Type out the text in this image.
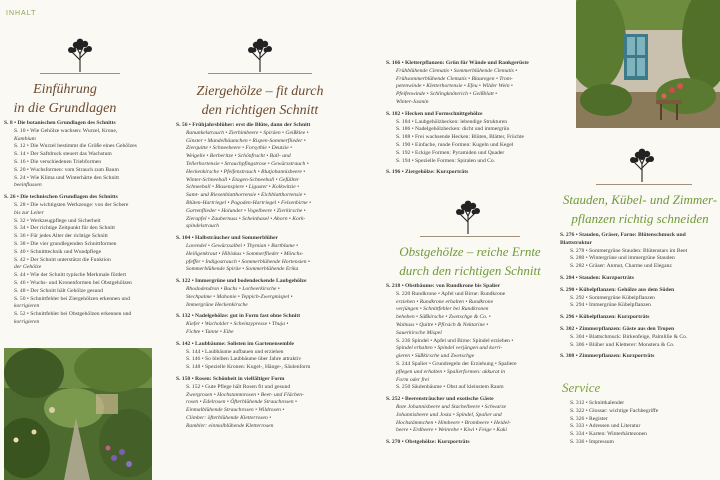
INHALT
Einführung
in die Grundlagen
S. 8 • Die botanischen Grundlagen des Schnitts
S. 10 • Wie Gehölze wachsen: Wurzel, Krone,
Kambium
S. 12 • Die Wurzel bestimmt die Größe eines Gehölzes
S. 14 • Der Saftdruck steuert das Wachstum
S. 16 • Die verschiedenen Triebformen
S. 20 • Wuchsformen: vom Strauch zum Baum
S. 24 • Wie Klima und Winterhärte den Schnitt
beeinflussen
S. 26 • Die technischen Grundlagen des Schnitts
S. 28 • Die wichtigsten Werkzeuge: von der Schere
bis zur Leiter
S. 32 • Werkzeugpflege und Sicherheit
S. 34 • Der richtige Zeitpunkt für den Schnitt
S. 36 • Für jedes Alter der richtige Schnitt
S. 38 • Die vier grundlegenden Schnittformen
S. 40 • Schnitttechnik und Wundpflege
S. 42 • Der Schnitt unterstützt die Funktion
der Gehölze
S. 44 • Wie der Schnitt typische Merkmale fördert
S. 46 • Wuchs- und Kronenformen bei Obstgehölzen
S. 48 • Der Schnitt hält Gehölze gesund
S. 50 • Schnittfehler bei Ziergehölzen erkennen und
korrigieren
S. 52 • Schnittfehler bei Obstgehölzen erkennen und
korrigieren
Ziergehölze – fit durch
den richtigen Schnitt
S. 56 • Frühjahrsblüher: erst die Blüte, dann der Schnitt
Ranunkelstrauch • Zierhimbeere • Spiräen • Geißklee •
Ginster • Mandelbäumchen • Rispen-Sommerflieder •
Zierquitte • Schneebeere • Forsythie • Deutzie •
Weigelie • Berberitze • Schönfrucht • Ball- und
Tellerhortensie • Strauchpfingstrose • Gewürzstrauch •
Heckenkirsche • Pfeifenstrauch • Blutjohannisbeere •
Winter-Schneeball • Etagen-Schneeball • Gefüllter
Schneeball • Blasenspiere • Liguster • Kolkwitzie •
Samt- und Riesenblatthortensie • Eichblatthortensie •
Blüten-Hartriegel • Pagoden-Hartriegel • Felsenbirne •
Gartenflieder • Holunder • Vogelbeere • Zierkirsche •
Zierapfel • Zaubernuss • Scheinhasel • Ahorn • Kork-
spindelstrauch
S. 104 • Halbsträucher und Sommerblüher
Lavendel • Gewürzsalbei • Thymian • Bartblume •
Heiligenkraut • Hibiskus • Sommerflieder • Mönchs-
pfeffer • Indigostrauch • Sommerblühende Hortensien •
Sommerblühende Spiräe • Sommerblühende Erika
S. 122 • Immergrüne und bodendeckende Laubgehölze
Rhododendron • Buchs • Lorbeerkirsche •
Stechpalme • Mahonie • Teppich-Zwergmispel •
Immergrüne Heckenkirsche
S. 132 • Nadelgehölze: gut in Form fast ohne Schnitt
Kiefer • Wacholder • Scheinzypresse • Thuja •
Fichte • Tanne • Eibe
S. 142 • Laubbäume: Solisten im Gartenensemble
S. 144 • Laubbäume aufbauen und erziehen
S. 146 • So bleiben Laubbäume über Jahre attraktiv
S. 148 • Spezielle Kronen: Kugel-, Hänge-, Säulenform
S. 150 • Rosen: Schönheit in vielfältiger Form
S. 152 • Gute Pflege hält Rosen fit und gesund
Zwergrosen • Hochstammrosen • Beet- und Flächen-
rosen • Edelrosen • Öfterblühende Strauchrosen •
Einmalblühende Strauchrosen • Wildrosen •
Climber: öfterblühende Kletterrosen •
Rambler: einmalblühende Kletterrosen
S. 166 • Kletterpflanzen: Grün für Wände und Rankgerüste
Frühblühende Clematis • Sommerblühende Clematis •
Frühsommerblühende Clematis • Blauregen • Trom-
petenwinde • Kletterhortensie • Efeu • Wilder Wein •
Pfeifenwinde • Schlingknöterich • Geißblatt •
Winter-Jasmin
S. 182 • Hecken und Formschnittgehölze
S. 184 • Laubgehölzhecken: lebendige Strukturen
S. 186 • Nadelgehölzhecken: dicht und immergrün
S. 188 • Frei wachsende Hecken: Blüten, Blätter, Früchte
S. 190 • Einfache, runde Formen: Kugeln und Kegel
S. 192 • Eckige Formen: Pyramiden und Quader
S. 194 • Spezielle Formen: Spiralen und Co.
S. 196 • Ziergehölze: Kurzporträts
Obstgehölze – reiche Ernte
durch den richtigen Schnitt
S. 218 • Obstbäume: von Rundkrone bis Spalier
S. 220 Rundkrone • Apfel und Birne: Rundkrone
erziehen • Rundkrone erhalten • Rundkrone
verjüngen • Schnittfehler bei Rundkronen
beheben • Süßkirsche • Zwetschge & Co. •
Walnuss • Quitte • Pfirsich & Nektarine •
Sauerkirsche Mispel
S. 236 Spindel • Apfel und Birne: Spindel erziehen •
Spindel erhalten • Spindel verjüngen und korri-
gieren • Süßkirsche und Zwetschge
S. 244 Spalier • Grundregeln der Erziehung • Spaliere
pflegen und erhalten • Spalierformen: akkurat in
Form oder frei
S. 250 Säulenbäume • Obst auf kleinstem Raum
S. 252 • Beerensträucher und exotische Gäste
Rote Johannisbeere und Stachelbeere • Schwarze
Johannisbeere und Josta • Spindel, Spalier und
Hochstämmchen • Himbeere • Brombeere • Heidel-
beere • Erdbeere • Weinrebe • Kiwi • Feige • Kaki
S. 270 • Obstgehölze: Kurzporträts
Stauden, Kübel- und Zimmer-
pflanzen richtig schneiden
S. 276 • Stauden, Gräser, Farne: Blütenschmuck und
Blattstruktur
S. 278 • Sommergrüne Stauden: Blütenstars im Beet
S. 280 • Wintergrüne und immergrüne Stauden
S. 282 • Gräser: Anmut, Charme und Eleganz
S. 284 • Stauden: Kurzporträts
S. 290 • Kübelpflanzen: Gehölze aus dem Süden
S. 292 • Sommergrüne Kübelpflanzen
S. 294 • Immergrüne Kübelpflanzen
S. 296 • Kübelpflanzen: Kurzporträts
S. 302 • Zimmerpflanzen: Gäste aus den Tropen
S. 304 • Blattschmuck: Birkenfeige, Palmlilie & Co.
S. 306 • Blüher und Kletterer: Monstera & Co.
S. 308 • Zimmerpflanzen: Kurzporträts
Service
S. 312 • Schnittkalender
S. 322 • Glossar: wichtige Fachbegriffe
S. 326 • Register
S. 333 • Adressen und Literatur
S. 334 • Karten: Winterhärtezonen
S. 336 • Impressum
